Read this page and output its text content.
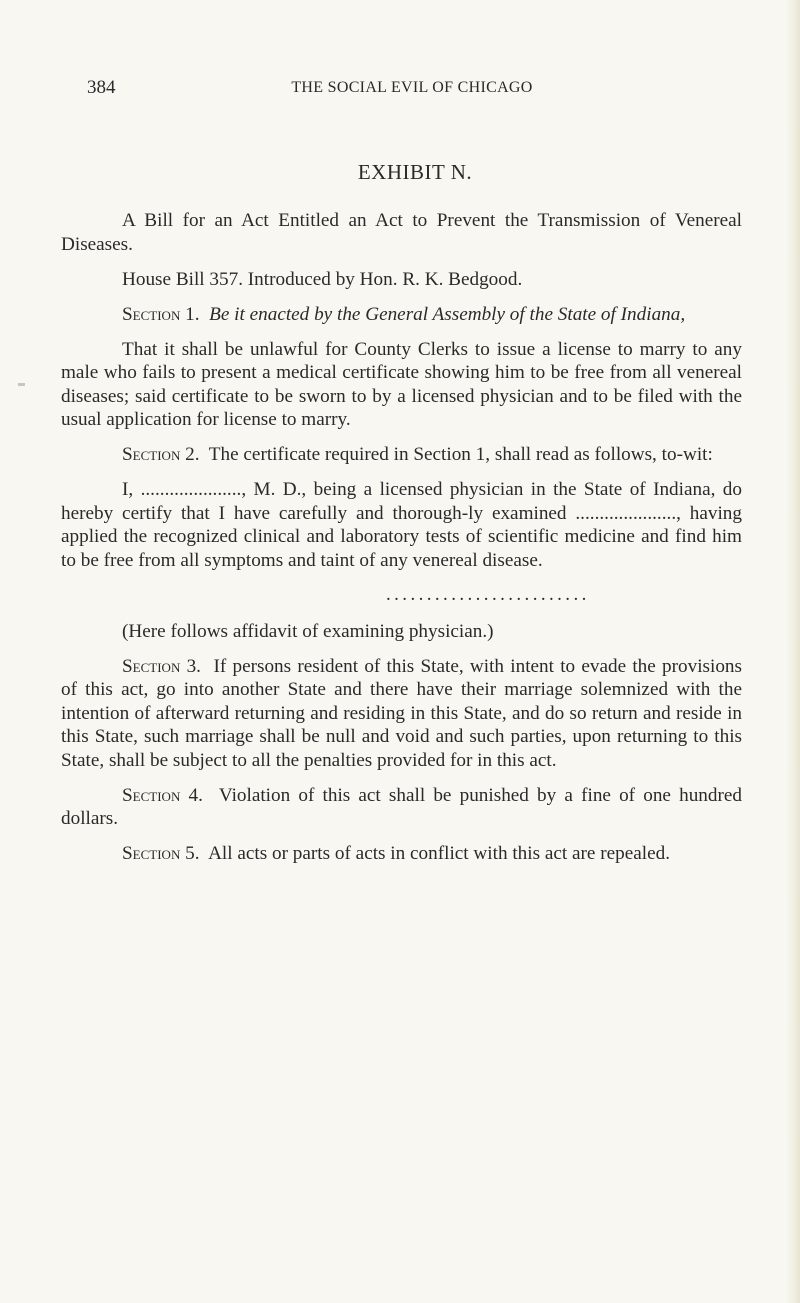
384	THE SOCIAL EVIL OF CHICAGO
EXHIBIT N.

A Bill for an Act Entitled an Act to Prevent the Transmission of Venereal Diseases.

House Bill 357. Introduced by Hon. R. K. Bedgood.

Section 1. Be it enacted by the General Assembly of the State of Indiana,

That it shall be unlawful for County Clerks to issue a license to marry to any male who fails to present a medical certificate showing him to be free from all venereal diseases; said certificate to be sworn to by a licensed physician and to be filed with the usual application for license to marry.

Section 2. The certificate required in Section 1, shall read as follows, to-wit:

I, ....................., M. D., being a licensed physician in the State of Indiana, do hereby certify that I have carefully and thorough-ly examined ....................., having applied the recognized clinical and laboratory tests of scientific medicine and find him to be free from all symptoms and taint of any venereal disease.

.........................

(Here follows affidavit of examining physician.)

Section 3. If persons resident of this State, with intent to evade the provisions of this act, go into another State and there have their marriage solemnized with the intention of afterward returning and residing in this State, and do so return and reside in this State, such marriage shall be null and void and such parties, upon returning to this State, shall be subject to all the penalties provided for in this act.

Section 4. Violation of this act shall be punished by a fine of one hundred dollars.

Section 5. All acts or parts of acts in conflict with this act are repealed.
